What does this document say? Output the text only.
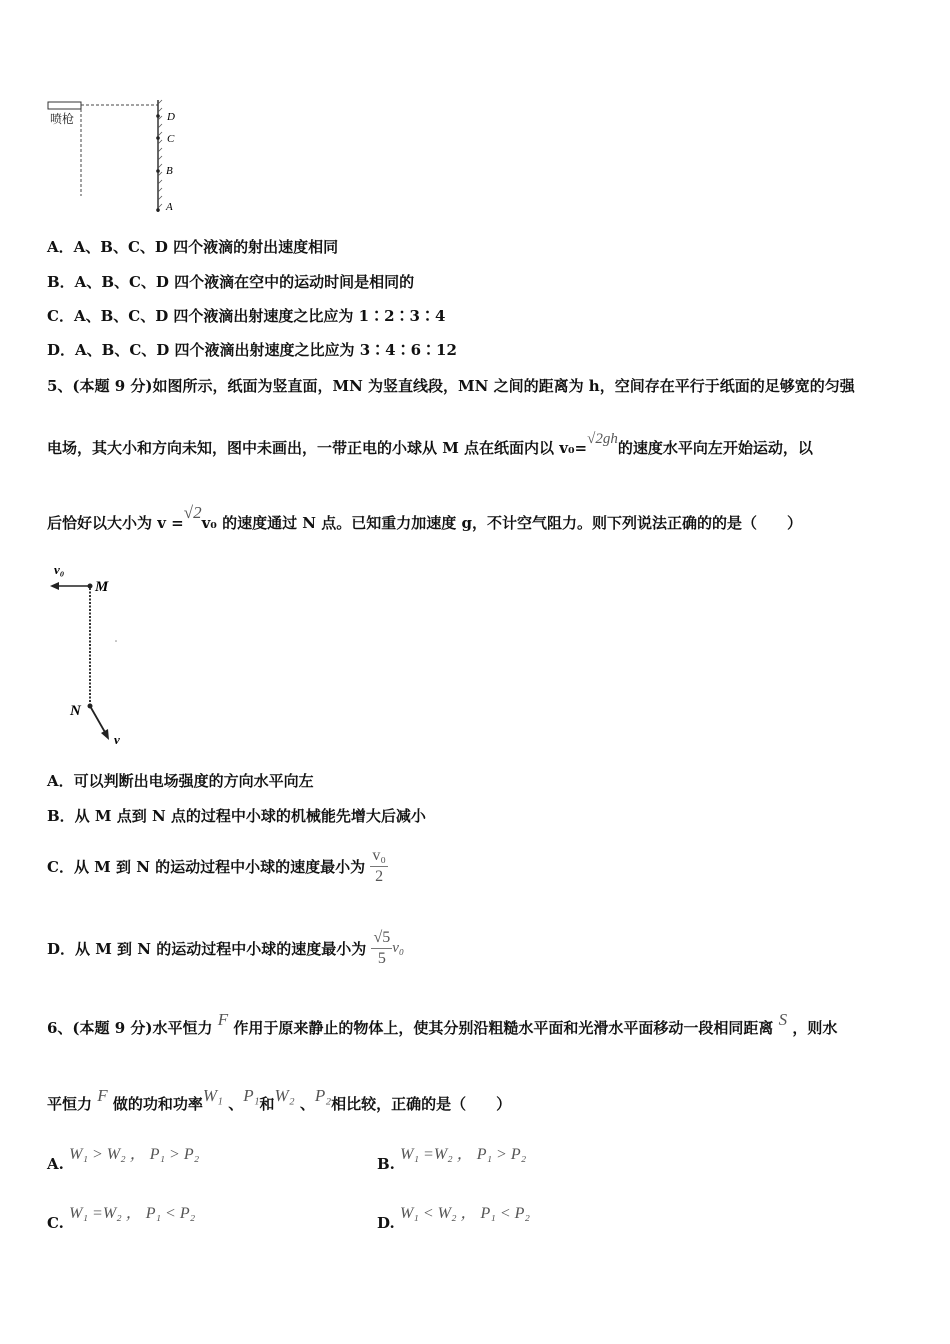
喷枪	D
C
B
A
A．A、B、C、D 四个液滴的射出速度相同
B．A、B、C、D 四个液滴在空中的运动时间是相同的
C．A、B、C、D 四个液滴出射速度之比应为 1∶2∶3∶4
D．A、B、C、D 四个液滴出射速度之比应为 3∶4∶6∶12
5、(本题 9 分)如图所示，纸面为竖直面，MN 为竖直线段，MN 之间的距离为 h，空间存在平行于纸面的足够宽的匀强
电场，其大小和方向未知，图中未画出，一带正电的小球从 M 点在纸面内以 v₀=√2gh的速度水平向左开始运动，以
后恰好以大小为 v =√2v₀ 的速度通过 N 点。已知重力加速度 g，不计空气阻力。则下列说法正确的的是（　　）
v₀
M
N
v
A．可以判断出电场强度的方向水平向左
B．从 M 点到 N 点的过程中小球的机械能先增大后减小
C．从 M 到 N 的运动过程中小球的速度最小为 $\frac{\text{v₀}}{2}$
D．从 M 到 N 的运动过程中小球的速度最小为 $\frac{√5}{5} v_0$
6、(本题 9 分)水平恒力 F 作用于原来静止的物体上，使其分别沿粗糙水平面和光滑水平面移动一段相同距离 S ，则水
平恒力 F 做的功和功率W₁ 、P₁和W₂ 、P₂相比较，正确的是（　　）
A. W₁ > W₂ ， P₁ > P₂
B. W₁ =W₂ ， P₁ > P₂
C. W₁ =W₂ ， P₁ < P₂
D. W₁ < W₂ ， P₁ < P₂
